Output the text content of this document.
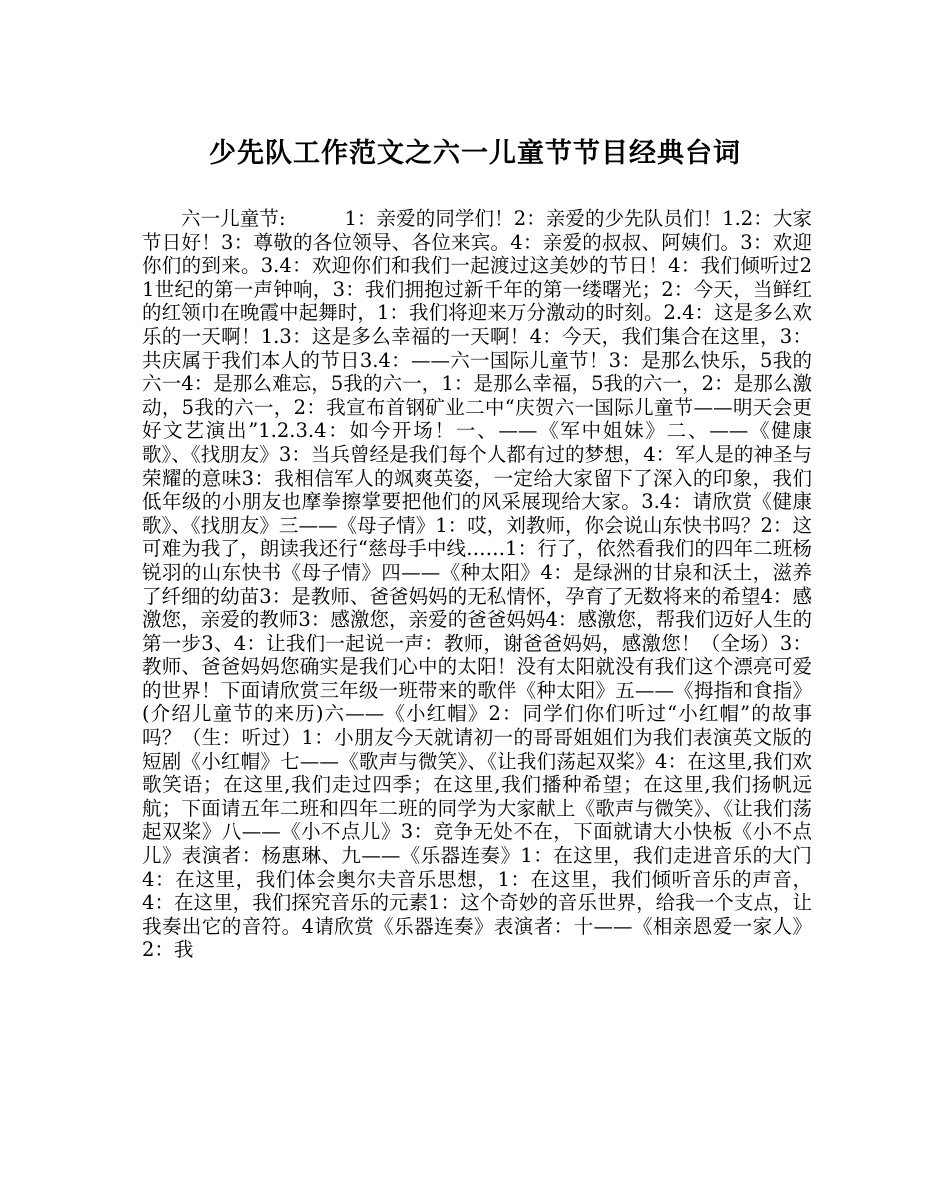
少先队工作范文之六一儿童节节目经典台词

六一儿童节:　　　1：亲爱的同学们！2：亲爱的少先队员们！1.2：大家节日好！3：尊敬的各位领导、各位来宾。4：亲爱的叔叔、阿姨们。3：欢迎你们的到来。3.4：欢迎你们和我们一起渡过这美妙的节日！4：我们倾听过21世纪的第一声钟响，3：我们拥抱过新千年的第一缕曙光；2：今天，当鲜红的红领巾在晚霞中起舞时，1：我们将迎来万分激动的时刻。2.4：这是多么欢乐的一天啊！1.3：这是多么幸福的一天啊！4：今天，我们集合在这里，3：共庆属于我们本人的节日3.4：——六一国际儿童节！3：是那么快乐，5我的六一4：是那么难忘，5我的六一，1：是那么幸福，5我的六一，2：是那么激动，5我的六一，2：我宣布首钢矿业二中“庆贺六一国际儿童节——明天会更好文艺演出”1.2.3.4：如今开场！一、——《军中姐妹》二、——《健康歌》、《找朋友》3：当兵曾经是我们每个人都有过的梦想，4：军人是的神圣与荣耀的意味3：我相信军人的飒爽英姿，一定给大家留下了深入的印象，我们低年级的小朋友也摩拳擦掌要把他们的风采展现给大家。3.4：请欣赏《健康歌》、《找朋友》三——《母子情》1：哎，刘教师，你会说山东快书吗？2：这可难为我了，朗读我还行“慈母手中线……1：行了，依然看我们的四年二班杨锐羽的山东快书《母子情》四——《种太阳》4：是绿洲的甘泉和沃土，滋养了纤细的幼苗3：是教师、爸爸妈妈的无私情怀，孕育了无数将来的希望4：感激您，亲爱的教师3：感激您，亲爱的爸爸妈妈4：感激您，帮我们迈好人生的第一步3、4：让我们一起说一声：教师，谢爸爸妈妈，感激您！（全场）3：教师、爸爸妈妈您确实是我们心中的太阳！没有太阳就没有我们这个漂亮可爱的世界！下面请欣赏三年级一班带来的歌伴《种太阳》五——《拇指和食指》(介绍儿童节的来历)六——《小红帽》2：同学们你们听过“小红帽”的故事吗？（生：听过）1：小朋友今天就请初一的哥哥姐姐们为我们表演英文版的短剧《小红帽》七——《歌声与微笑》、《让我们荡起双桨》4：在这里,我们欢歌笑语；在这里,我们走过四季；在这里,我们播种希望；在这里,我们扬帆远航；下面请五年二班和四年二班的同学为大家献上《歌声与微笑》、《让我们荡起双桨》八——《小不点儿》3：竞争无处不在，下面就请大小快板《小不点儿》表演者：杨惠琳、九——《乐器连奏》1：在这里，我们走进音乐的大门4：在这里，我们体会奥尔夫音乐思想，1：在这里，我们倾听音乐的声音，4：在这里，我们探究音乐的元素1：这个奇妙的音乐世界，给我一个支点，让我奏出它的音符。4请欣赏《乐器连奏》表演者：十——《相亲恩爱一家人》2：我
